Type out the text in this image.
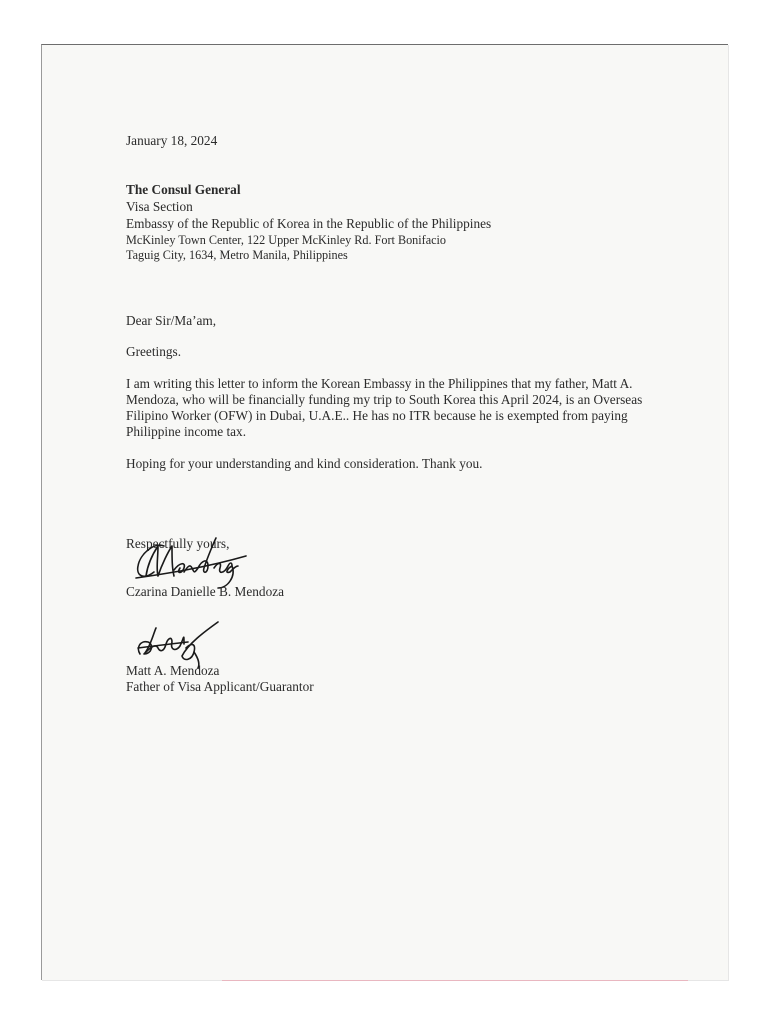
January 18, 2024

The Consul General

Visa Section

Embassy of the Republic of Korea in the Republic of the Philippines

McKinley Town Center, 122 Upper McKinley Rd. Fort Bonifacio

Taguig City, 1634, Metro Manila, Philippines

Dear Sir/Ma’am,

Greetings.

I am writing this letter to inform the Korean Embassy in the Philippines that my father, Matt A.

Mendoza, who will be financially funding my trip to South Korea this April 2024, is an Overseas

Filipino Worker (OFW) in Dubai, U.A.E.. He has no ITR because he is exempted from paying

Philippine income tax.

Hoping for your understanding and kind consideration. Thank you.

Respectfully yours,

Czarina Danielle B. Mendoza

Matt A. Mendoza

Father of Visa Applicant/Guarantor
